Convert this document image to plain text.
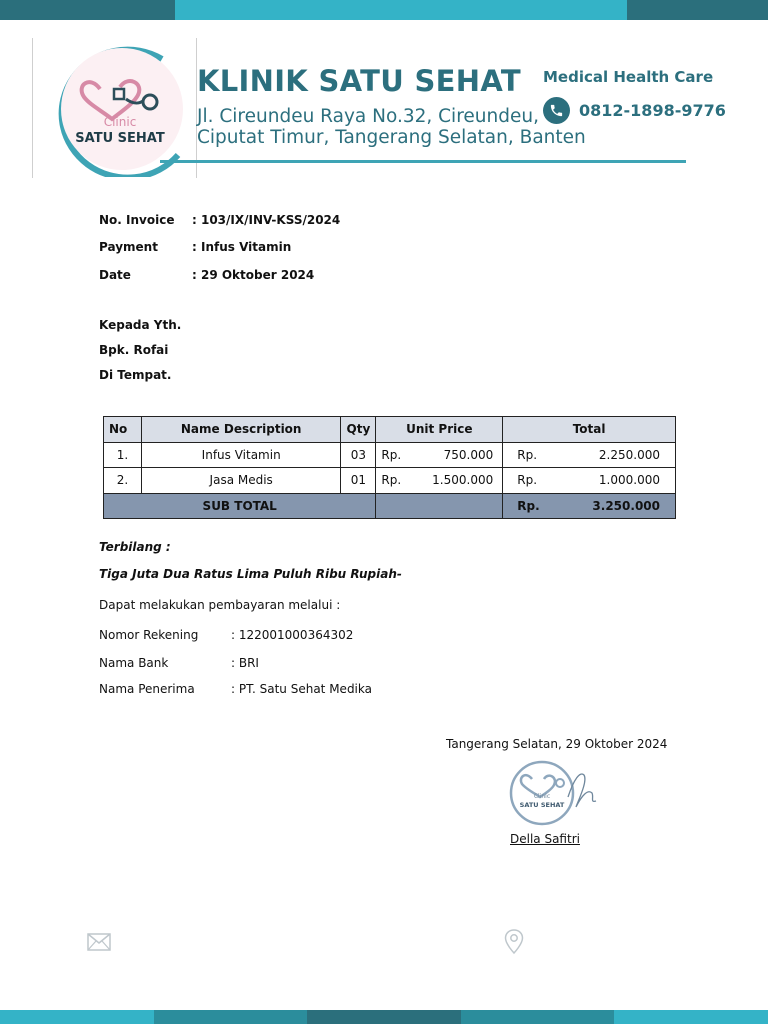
Clinic
SATU SEHAT
KLINIK SATU SEHAT
Jl. Cireundeu Raya No.32, Cireundeu,
Ciputat Timur, Tangerang Selatan, Banten
Medical Health Care
0812-1898-9776
No. Invoice : 103/IX/INV-KSS/2024
Payment	: Infus Vitamin
Date	: 29 Oktober 2024
Kepada Yth.
Bpk. Rofai
Di Tempat.
No	Name Description	Qty	Unit Price	Total
1.	Infus Vitamin	03	Rp. 750.000	Rp. 2.250.000

2.	Jasa Medis	01	Rp. 1.500.000	Rp. 1.000.000

SUB TOTAL				Rp. 3.250.000
Terbilang :
Tiga Juta Dua Ratus Lima Puluh Ribu Rupiah-
Dapat melakukan pembayaran melalui :
Nomor Rekening	: 122001000364302
Nama Bank	: BRI
Nama Penerima	: PT. Satu Sehat Medika
Tangerang Selatan, 29 Oktober 2024
Clinic
SATU SEHAT
Della Safitri
